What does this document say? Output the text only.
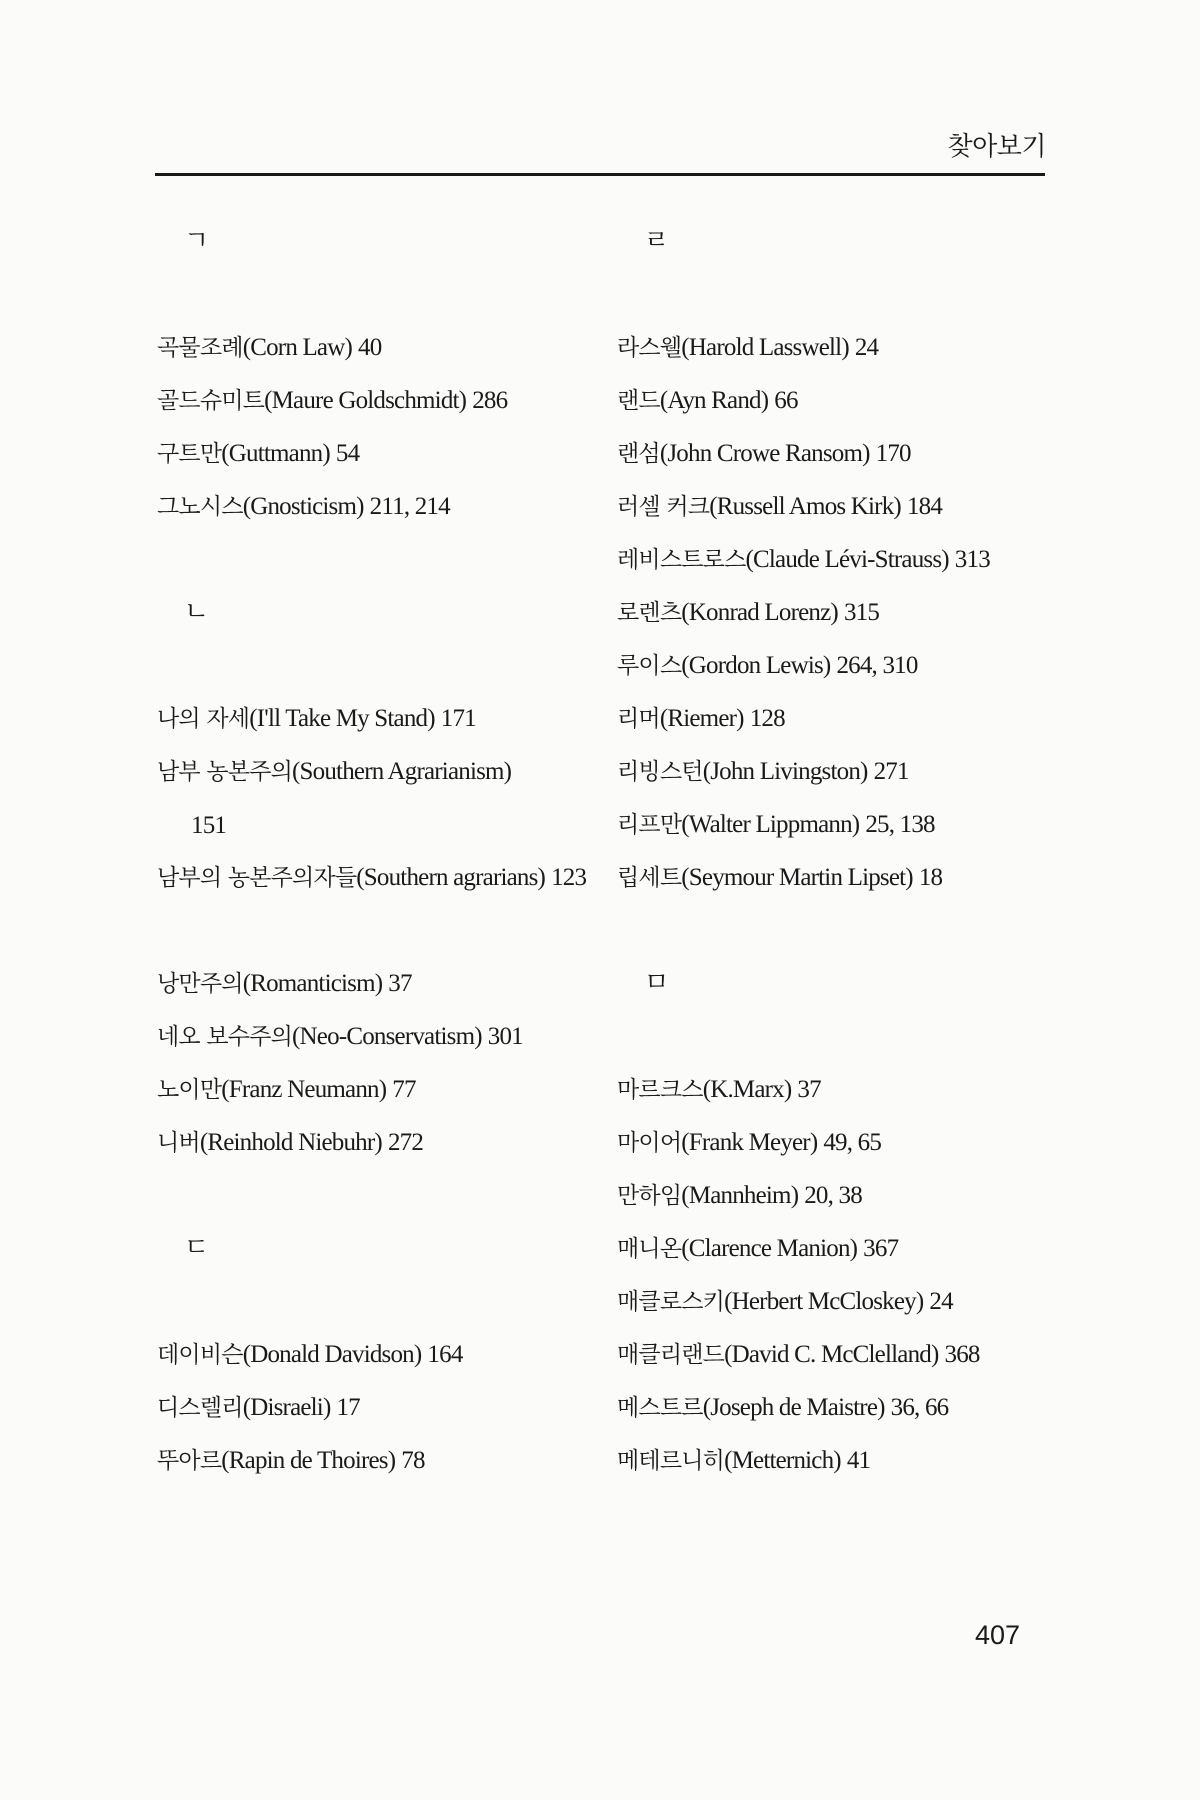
찾아보기
ㄱ
곡물조례(Corn Law) 40
골드슈미트(Maure Goldschmidt) 286
구트만(Guttmann) 54
그노시스(Gnosticism) 211, 214
ㄴ
나의 자세(I'll Take My Stand) 171
남부 농본주의(Southern Agrarianism)
151
남부의 농본주의자들(Southern agrarians) 123
낭만주의(Romanticism) 37
네오 보수주의(Neo-Conservatism) 301
노이만(Franz Neumann) 77
니버(Reinhold Niebuhr) 272
ㄷ
데이비슨(Donald Davidson) 164
디스렐리(Disraeli) 17
뚜아르(Rapin de Thoires) 78
ㄹ
라스웰(Harold Lasswell) 24
랜드(Ayn Rand) 66
랜섬(John Crowe Ransom) 170
러셀 커크(Russell Amos Kirk) 184
레비스트로스(Claude Lévi-Strauss) 313
로렌츠(Konrad Lorenz) 315
루이스(Gordon Lewis) 264, 310
리머(Riemer) 128
리빙스턴(John Livingston) 271
리프만(Walter Lippmann) 25, 138
립세트(Seymour Martin Lipset) 18
ㅁ
마르크스(K.Marx) 37
마이어(Frank Meyer) 49, 65
만하임(Mannheim) 20, 38
매니온(Clarence Manion) 367
매클로스키(Herbert McCloskey) 24
매클리랜드(David C. McClelland) 368
메스트르(Joseph de Maistre) 36, 66
메테르니히(Metternich) 41

407
